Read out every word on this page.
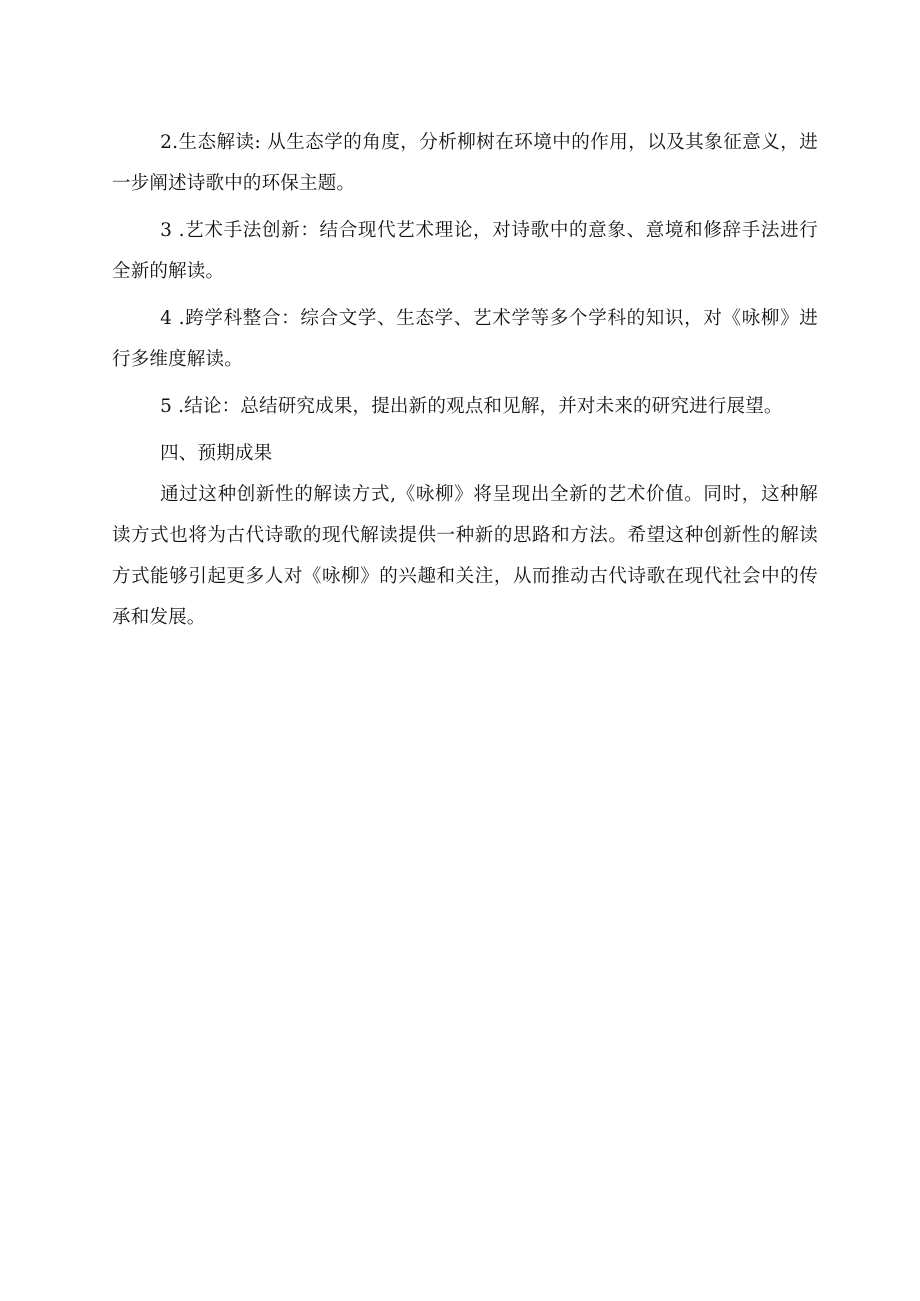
2.生态解读: 从生态学的角度，分析柳树在环境中的作用，以及其象征意义，进一步阐述诗歌中的环保主题。

3 .艺术手法创新：结合现代艺术理论，对诗歌中的意象、意境和修辞手法进行全新的解读。

4 .跨学科整合：综合文学、生态学、艺术学等多个学科的知识，对《咏柳》进行多维度解读。

5 .结论：总结研究成果，提出新的观点和见解，并对未来的研究进行展望。

四、预期成果

通过这种创新性的解读方式,《咏柳》将呈现出全新的艺术价值。同时，这种解读方式也将为古代诗歌的现代解读提供一种新的思路和方法。希望这种创新性的解读方式能够引起更多人对《咏柳》的兴趣和关注，从而推动古代诗歌在现代社会中的传承和发展。
